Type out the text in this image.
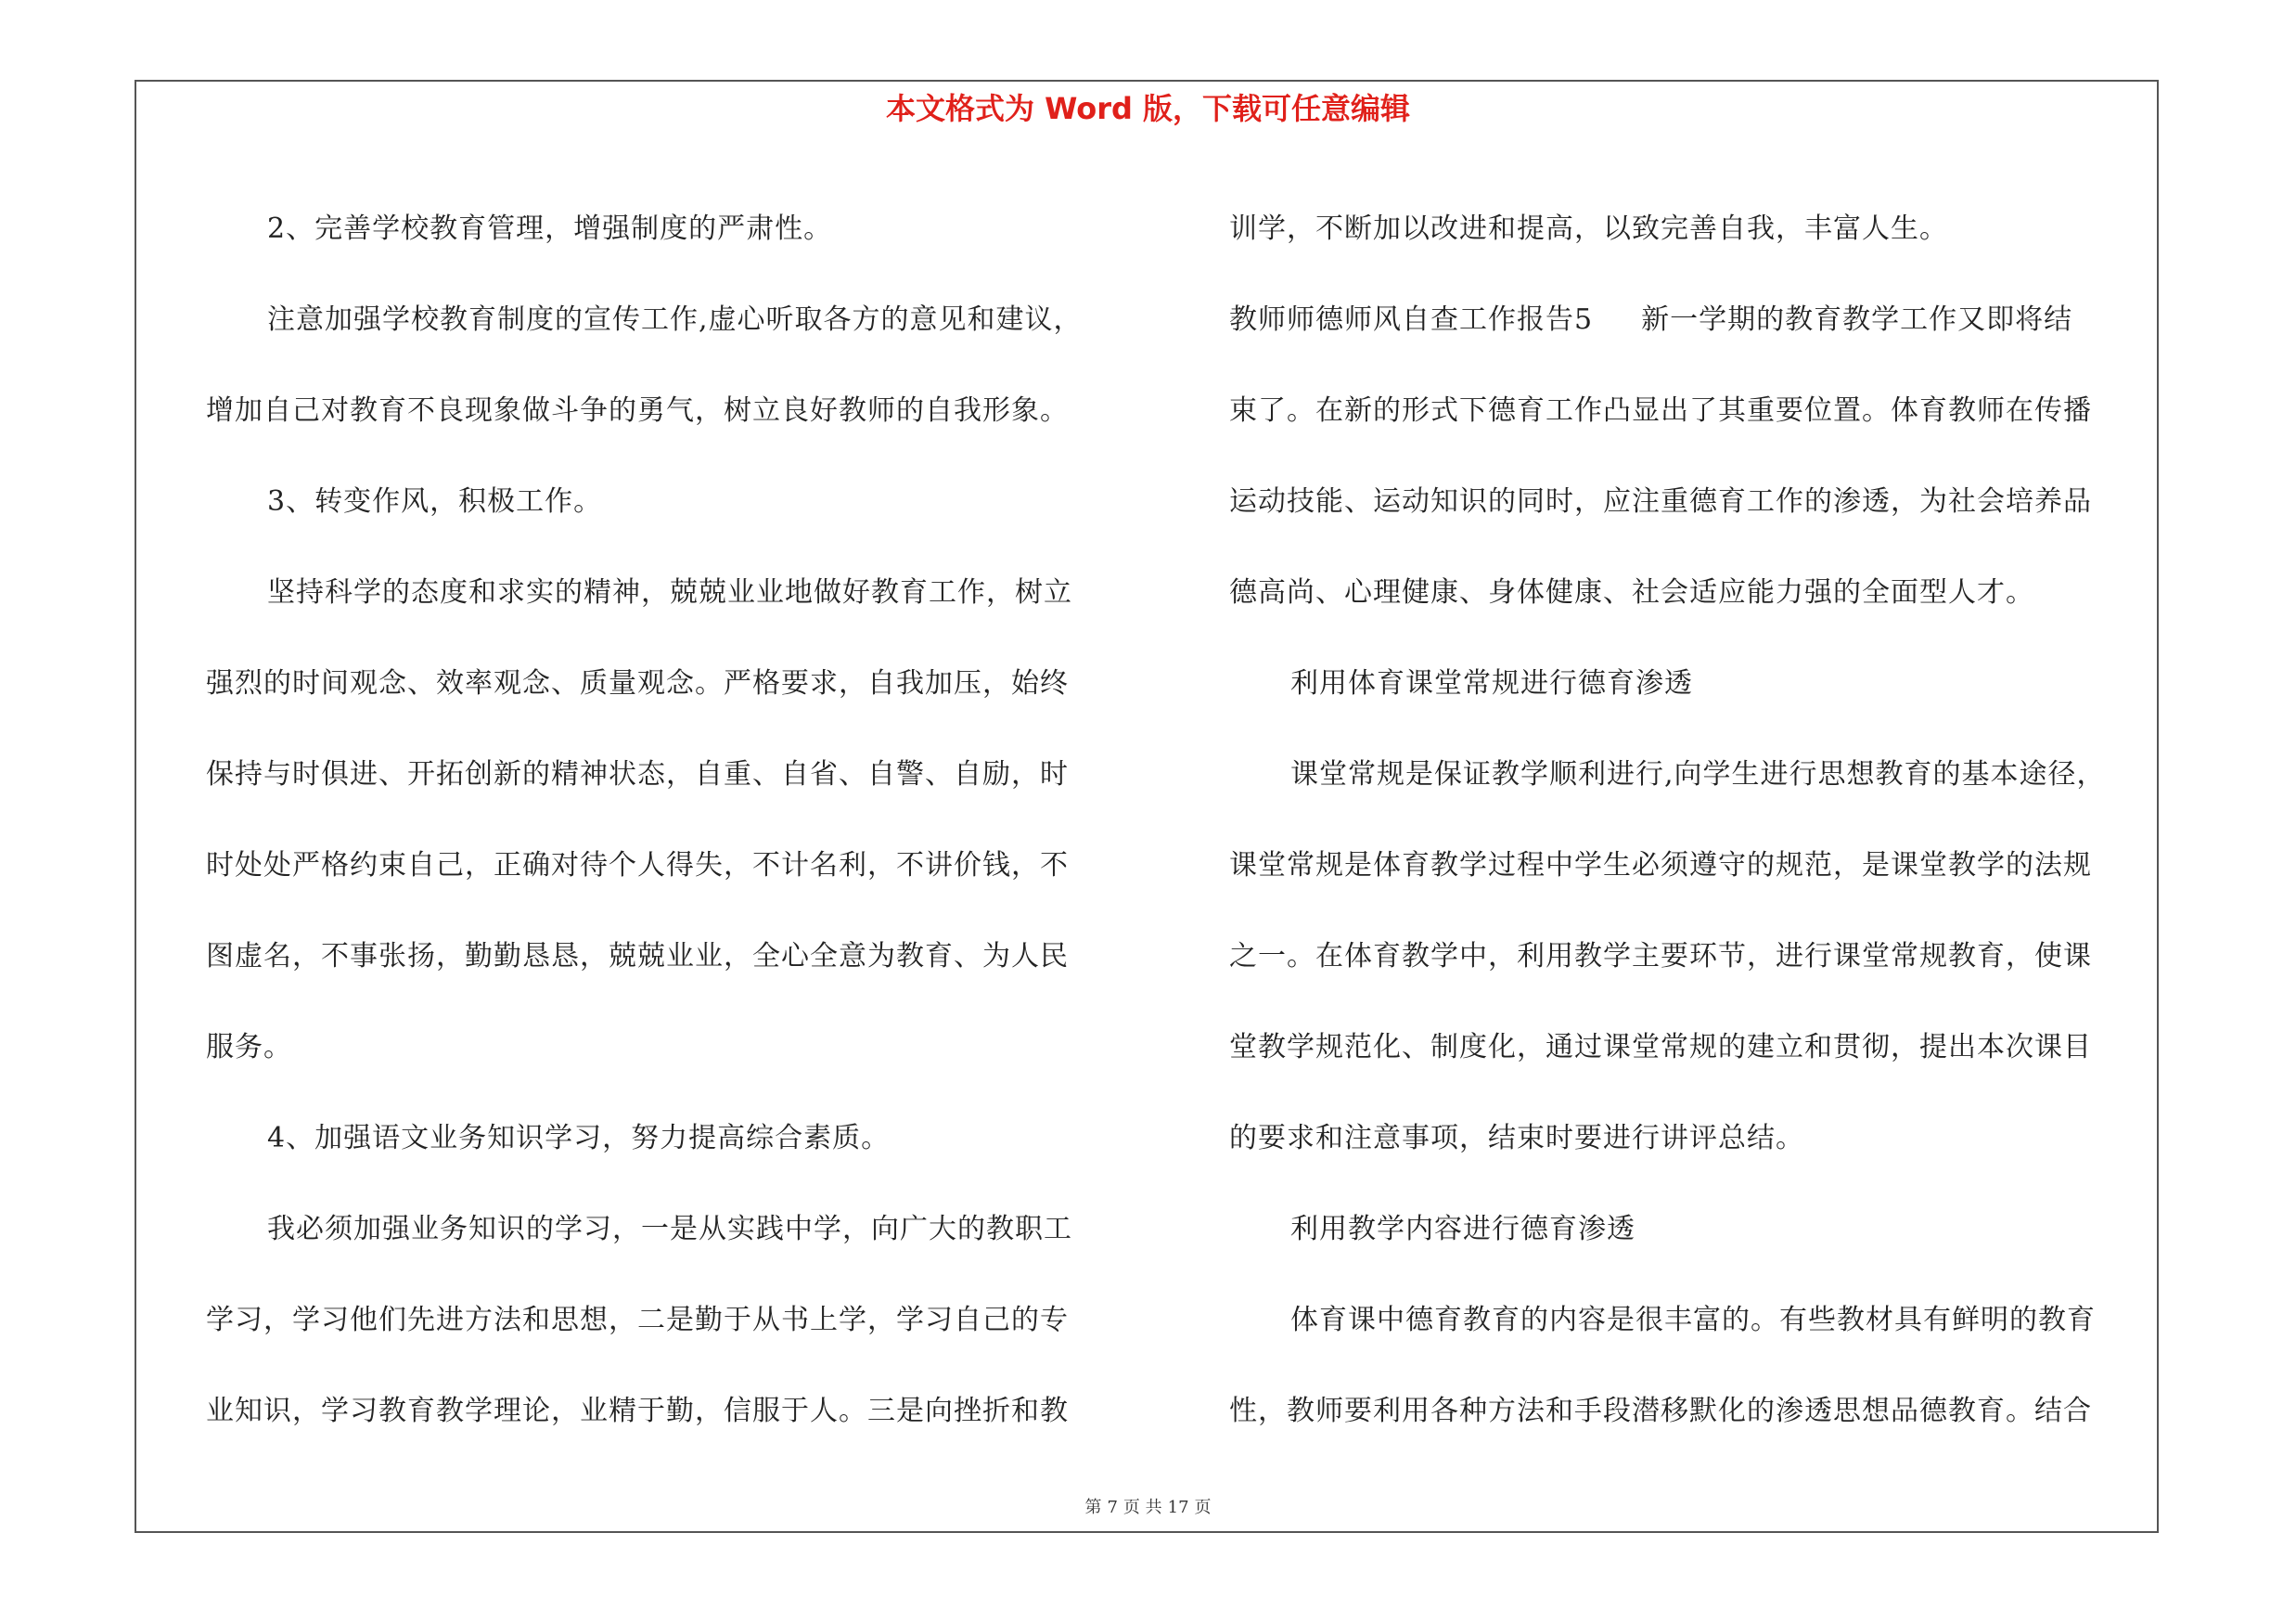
本文格式为 Word 版，下载可任意编辑
2、完善学校教育管理，增强制度的严肃性。
注意加强学校教育制度的宣传工作,虚心听取各方的意见和建议，
增加自己对教育不良现象做斗争的勇气，树立良好教师的自我形象。
3、转变作风，积极工作。
坚持科学的态度和求实的精神，兢兢业业地做好教育工作，树立
强烈的时间观念、效率观念、质量观念。严格要求，自我加压，始终
保持与时俱进、开拓创新的精神状态，自重、自省、自警、自励，时
时处处严格约束自己，正确对待个人得失，不计名利，不讲价钱，不
图虚名，不事张扬，勤勤恳恳，兢兢业业，全心全意为教育、为人民
服务。
4、加强语文业务知识学习，努力提高综合素质。
我必须加强业务知识的学习，一是从实践中学，向广大的教职工
学习，学习他们先进方法和思想，二是勤于从书上学，学习自己的专
业知识，学习教育教学理论，业精于勤，信服于人。三是向挫折和教
训学，不断加以改进和提高，以致完善自我，丰富人生。
教师师德师风自查工作报告5 新一学期的教育教学工作又即将结
束了。在新的形式下德育工作凸显出了其重要位置。体育教师在传播
运动技能、运动知识的同时，应注重德育工作的渗透，为社会培养品
德高尚、心理健康、身体健康、社会适应能力强的全面型人才。
利用体育课堂常规进行德育渗透
课堂常规是保证教学顺利进行,向学生进行思想教育的基本途径，
课堂常规是体育教学过程中学生必须遵守的规范，是课堂教学的法规
之一。在体育教学中，利用教学主要环节，进行课堂常规教育，使课
堂教学规范化、制度化，通过课堂常规的建立和贯彻，提出本次课目
的要求和注意事项，结束时要进行讲评总结。
利用教学内容进行德育渗透
体育课中德育教育的内容是很丰富的。有些教材具有鲜明的教育
性，教师要利用各种方法和手段潜移默化的渗透思想品德教育。结合
第 7 页 共 17 页
